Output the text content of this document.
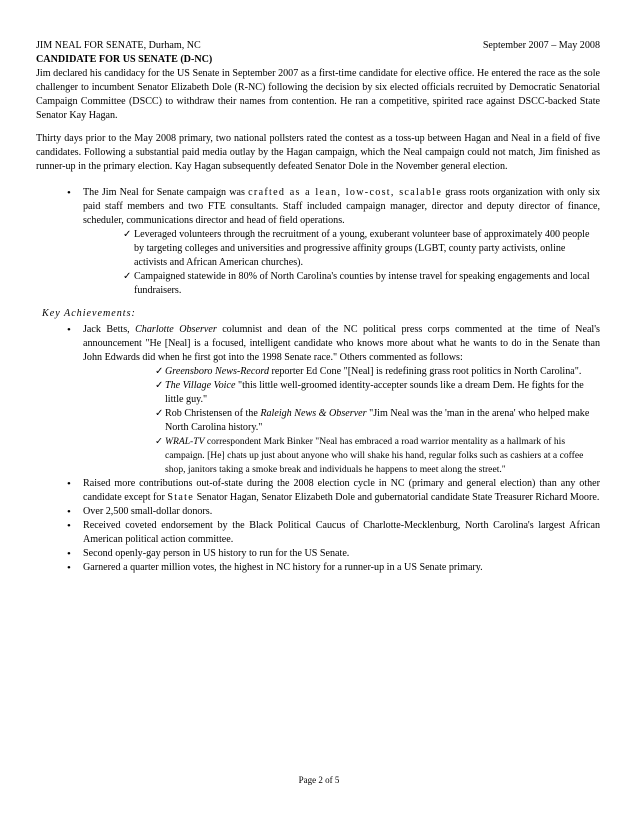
JIM NEAL FOR SENATE, Durham, NC	September 2007 – May 2008
CANDIDATE FOR US SENATE (D-NC)
Jim declared his candidacy for the US Senate in September 2007 as a first-time candidate for elective office. He entered the race as the sole challenger to incumbent Senator Elizabeth Dole (R-NC) following the decision by six elected officials recruited by Democratic Senatorial Campaign Committee (DSCC) to withdraw their names from contention. He ran a competitive, spirited race against DSCC-backed State Senator Kay Hagan.
Thirty days prior to the May 2008 primary, two national pollsters rated the contest as a toss-up between Hagan and Neal in a field of five candidates. Following a substantial paid media outlay by the Hagan campaign, which the Neal campaign could not match, Jim finished as runner-up in the primary election. Kay Hagan subsequently defeated Senator Dole in the November general election.
• The Jim Neal for Senate campaign was crafted as a lean, low-cost, scalable grass roots organization with only six paid staff members and two FTE consultants. Staff included campaign manager, director and deputy director of finance, scheduler, communications director and head of field operations.
✓ Leveraged volunteers through the recruitment of a young, exuberant volunteer base of approximately 400 people by targeting colleges and universities and progressive affinity groups (LGBT, county party activists, online activists and African American churches).
✓ Campaigned statewide in 80% of North Carolina's counties by intense travel for speaking engagements and local fundraisers.
Key Achievements:
• Jack Betts, Charlotte Observer columnist and dean of the NC political press corps commented at the time of Neal's announcement "He [Neal] is a focused, intelligent candidate who knows more about what he wants to do in the Senate than John Edwards did when he first got into the 1998 Senate race." Others commented as follows:
✓ Greensboro News-Record reporter Ed Cone "[Neal] is redefining grass root politics in North Carolina".
✓ The Village Voice "this little well-groomed identity-accepter sounds like a dream Dem. He fights for the little guy."
✓ Rob Christensen of the Raleigh News & Observer "Jim Neal was the 'man in the arena' who helped make North Carolina history."
✓ WRAL-TV correspondent Mark Binker "Neal has embraced a road warrior mentality as a hallmark of his campaign. [He] chats up just about anyone who will shake his hand, regular folks such as cashiers at a coffee shop, janitors taking a smoke break and individuals he happens to meet along the street."
• Raised more contributions out-of-state during the 2008 election cycle in NC (primary and general election) than any other candidate except for State Senator Hagan, Senator Elizabeth Dole and gubernatorial candidate State Treasurer Richard Moore.
• Over 2,500 small-dollar donors.
• Received coveted endorsement by the Black Political Caucus of Charlotte-Mecklenburg, North Carolina's largest African American political action committee.
• Second openly-gay person in US history to run for the US Senate.
• Garnered a quarter million votes, the highest in NC history for a runner-up in a US Senate primary.
Page 2 of 5
